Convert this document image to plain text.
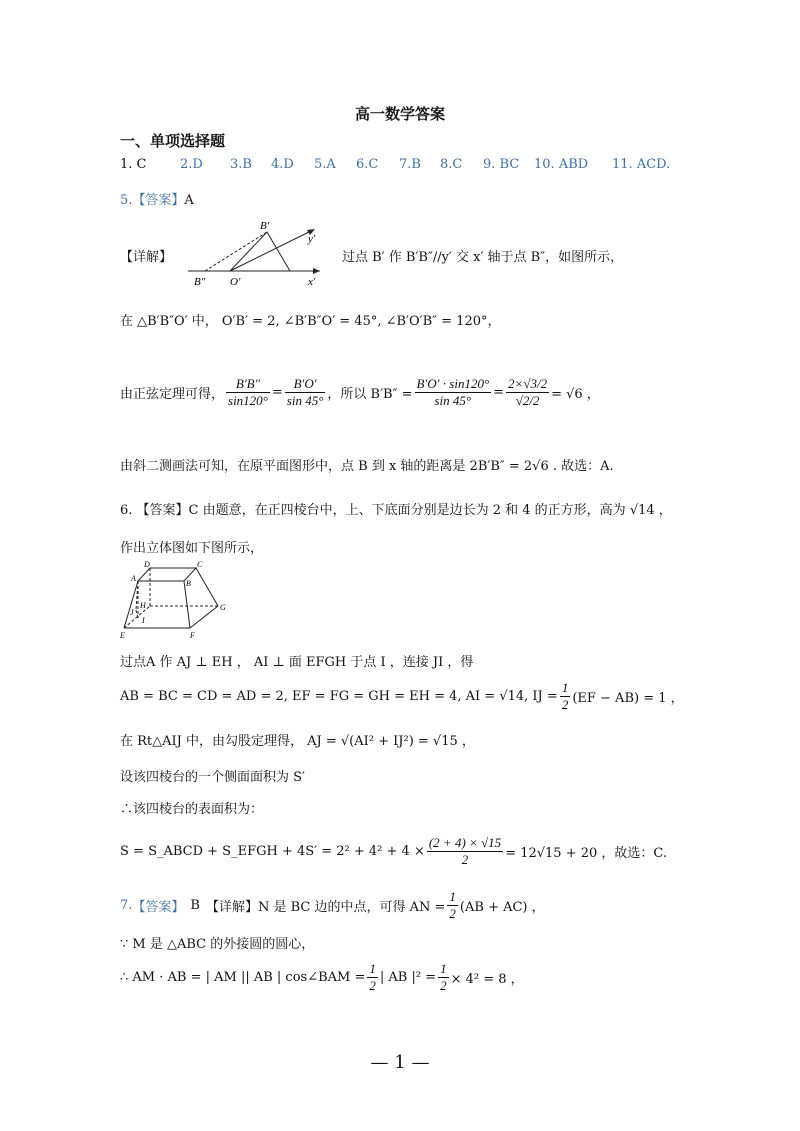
高一数学答案
一、单项选择题
1. C	2.D 3.B 4.D 5.A 6.C 7.B 8.C 9. BC 10. ABD 11. ACD.
5.【答案】A
【详解】
B′
y′
B″ O′	x′
过点 B′ 作 B′B″//y′ 交 x′ 轴于点 B″，如图所示，
在 △B′B″O′ 中， O′B′ = 2, ∠B′B″O′ = 45°, ∠B′O′B″ = 120°，
由正弦定理可得， $\frac{B'B''}{\sin 120^\circ} = \frac{B'O'}{\sin 45^\circ}$ ，所以 $B'B'' = \frac{B'O' \cdot \sin 120^\circ}{\sin 45^\circ} = \frac{2\times√3/2}{√2/2} = √6$ ，
由斜二测画法可知，在原平面图形中，点 B 到 x 轴的距离是 2B′B″ = 2√6 . 故选：A.
6. 【答案】C 由题意，在正四棱台中，上、下底面分别是边长为 2 和 4 的正方形，高为 √14 ，
作出立体图如下图所示，
D	C
A
B
H	G
J
I
E	F
过点A 作 AJ ⊥ EH ， AI ⊥ 面 EFGH 于点 I ，连接 JI ，得
AB = BC = CD = AD = 2, EF = FG = GH = EH = 4, AI = √14, IJ = $\frac{1}{2} (EF - AB) = 1$ ，
在 Rt△AIJ 中，由勾股定理得， AJ = √(AI² + IJ²) = √15 ，
设该四棱台的一个侧面面积为 S′
∴该四棱台的表面积为：
S = S_ABCD + S_EFGH + $4S' = 2^2 + 4^2 + 4 \times \frac{(2 + 4) \times √15}{2} = 12√15 + 20$ ，故选：C.
7. 【答案】 B 【详解】N 是 BC 边的中点，可得 AN = $\frac{1}{2} (AB + AC)$ ，
∵ M 是 △ABC 的外接圆的圆心，
∴ AM · AB = | AM || AB | cos∠BAM = $\frac{1}{2}$ | AB $|^2 = \frac{1}{2} \times 4^2 = 8$ ，
— 1 —
